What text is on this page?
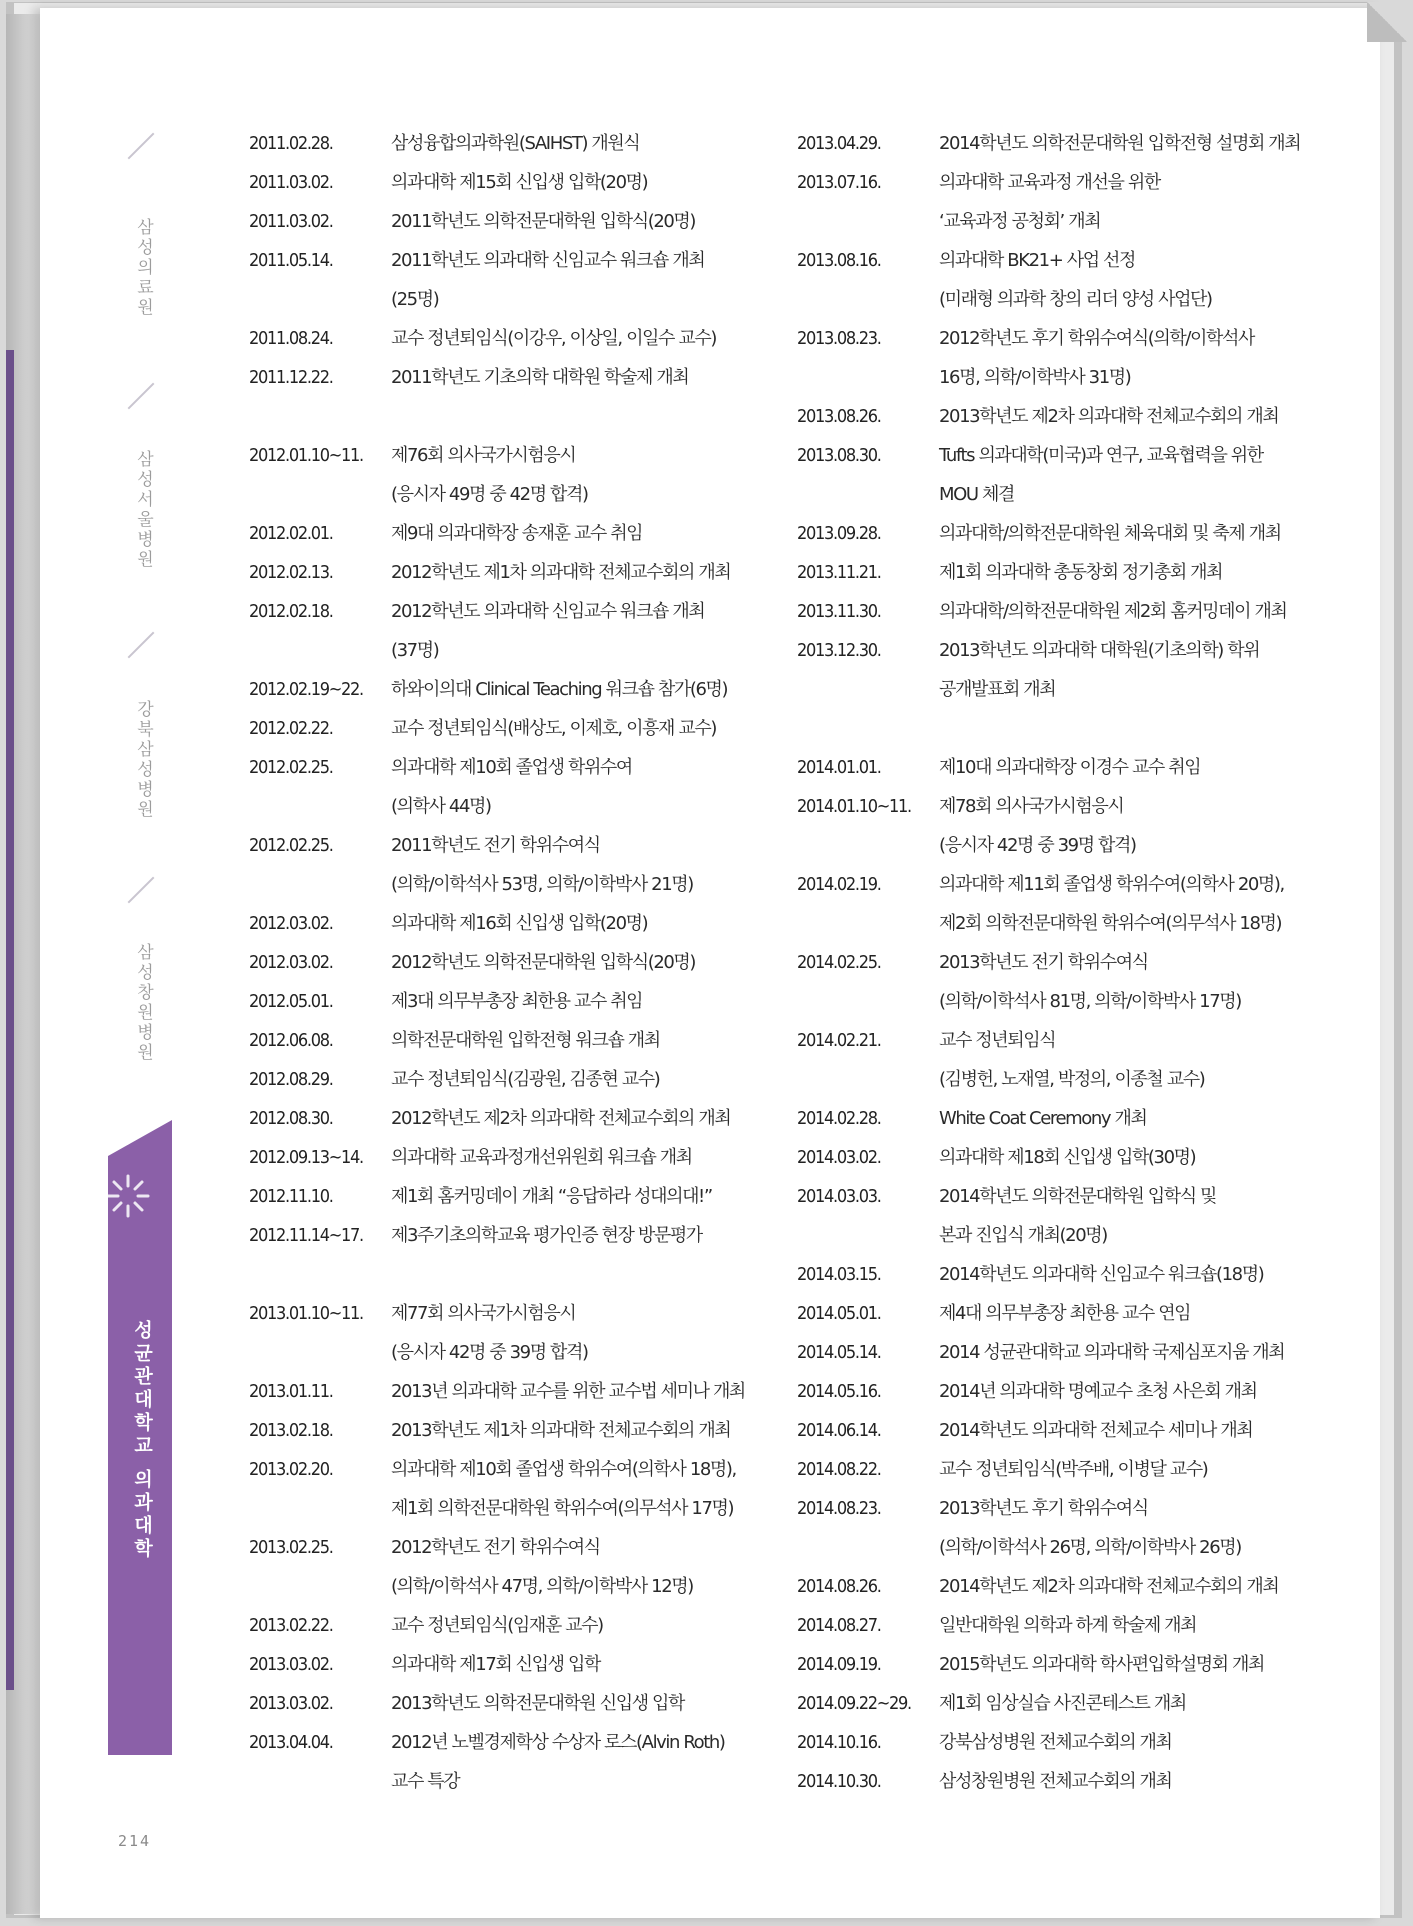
삼성의료원
삼성서울병원
강북삼성병원
삼성창원병원
성균관대학교 의과대학
214
2011.02.28.	삼성융합의과학원(SAIHST) 개원식
2011.03.02.	의과대학 제15회 신입생 입학(20명)
2011.03.02.	2011학년도 의학전문대학원 입학식(20명)
2011.05.14.	2011학년도 의과대학 신임교수 워크숍 개최
(25명)
2011.08.24.	교수 정년퇴임식(이강우, 이상일, 이일수 교수)
2011.12.22.	2011학년도 기초의학 대학원 학술제 개최
2012.01.10~11.	제76회 의사국가시험응시
(응시자 49명 중 42명 합격)
2012.02.01.	제9대 의과대학장 송재훈 교수 취임
2012.02.13.	2012학년도 제1차 의과대학 전체교수회의 개최
2012.02.18.	2012학년도 의과대학 신임교수 워크숍 개최
(37명)
2012.02.19~22.	하와이의대 Clinical Teaching 워크숍 참가(6명)
2012.02.22.	교수 정년퇴임식(배상도, 이제호, 이흥재 교수)
2012.02.25.	의과대학 제10회 졸업생 학위수여
(의학사 44명)
2012.02.25.	2011학년도 전기 학위수여식
(의학/이학석사 53명, 의학/이학박사 21명)
2012.03.02.	의과대학 제16회 신입생 입학(20명)
2012.03.02.	2012학년도 의학전문대학원 입학식(20명)
2012.05.01.	제3대 의무부총장 최한용 교수 취임
2012.06.08.	의학전문대학원 입학전형 워크숍 개최
2012.08.29.	교수 정년퇴임식(김광원, 김종현 교수)
2012.08.30.	2012학년도 제2차 의과대학 전체교수회의 개최
2012.09.13~14.	의과대학 교육과정개선위원회 워크숍 개최
2012.11.10.	제1회 홈커밍데이 개최 “응답하라 성대의대!”
2012.11.14~17.	제3주기초의학교육 평가인증 현장 방문평가
2013.01.10~11.	제77회 의사국가시험응시
(응시자 42명 중 39명 합격)
2013.01.11.	2013년 의과대학 교수를 위한 교수법 세미나 개최
2013.02.18.	2013학년도 제1차 의과대학 전체교수회의 개최
2013.02.20.	의과대학 제10회 졸업생 학위수여(의학사 18명),
제1회 의학전문대학원 학위수여(의무석사 17명)
2013.02.25.	2012학년도 전기 학위수여식
(의학/이학석사 47명, 의학/이학박사 12명)
2013.02.22.	교수 정년퇴임식(임재훈 교수)
2013.03.02.	의과대학 제17회 신입생 입학
2013.03.02.	2013학년도 의학전문대학원 신입생 입학
2013.04.04.	2012년 노벨경제학상 수상자 로스(Alvin Roth)
교수 특강
2013.04.29.	2014학년도 의학전문대학원 입학전형 설명회 개최
2013.07.16.	의과대학 교육과정 개선을 위한
‘교육과정 공청회’ 개최
2013.08.16.	의과대학 BK21+ 사업 선정
(미래형 의과학 창의 리더 양성 사업단)
2013.08.23.	2012학년도 후기 학위수여식(의학/이학석사
16명, 의학/이학박사 31명)
2013.08.26.	2013학년도 제2차 의과대학 전체교수회의 개최
2013.08.30.	Tufts 의과대학(미국)과 연구, 교육협력을 위한
MOU 체결
2013.09.28.	의과대학/의학전문대학원 체육대회 및 축제 개최
2013.11.21.	제1회 의과대학 총동창회 정기총회 개최
2013.11.30.	의과대학/의학전문대학원 제2회 홈커밍데이 개최
2013.12.30.	2013학년도 의과대학 대학원(기초의학) 학위
공개발표회 개최
2014.01.01.	제10대 의과대학장 이경수 교수 취임
2014.01.10~11.	제78회 의사국가시험응시
(응시자 42명 중 39명 합격)
2014.02.19.	의과대학 제11회 졸업생 학위수여(의학사 20명),
제2회 의학전문대학원 학위수여(의무석사 18명)
2014.02.25.	2013학년도 전기 학위수여식
(의학/이학석사 81명, 의학/이학박사 17명)
2014.02.21.	교수 정년퇴임식
(김병헌, 노재열, 박정의, 이종철 교수)
2014.02.28.	White Coat Ceremony 개최
2014.03.02.	의과대학 제18회 신입생 입학(30명)
2014.03.03.	2014학년도 의학전문대학원 입학식 및
본과 진입식 개최(20명)
2014.03.15.	2014학년도 의과대학 신임교수 워크숍(18명)
2014.05.01.	제4대 의무부총장 최한용 교수 연임
2014.05.14.	2014 성균관대학교 의과대학 국제심포지움 개최
2014.05.16.	2014년 의과대학 명예교수 초청 사은회 개최
2014.06.14.	2014학년도 의과대학 전체교수 세미나 개최
2014.08.22.	교수 정년퇴임식(박주배, 이병달 교수)
2014.08.23.	2013학년도 후기 학위수여식
(의학/이학석사 26명, 의학/이학박사 26명)
2014.08.26.	2014학년도 제2차 의과대학 전체교수회의 개최
2014.08.27.	일반대학원 의학과 하계 학술제 개최
2014.09.19.	2015학년도 의과대학 학사편입학설명회 개최
2014.09.22~29.	제1회 임상실습 사진콘테스트 개최
2014.10.16.	강북삼성병원 전체교수회의 개최
2014.10.30.	삼성창원병원 전체교수회의 개최
